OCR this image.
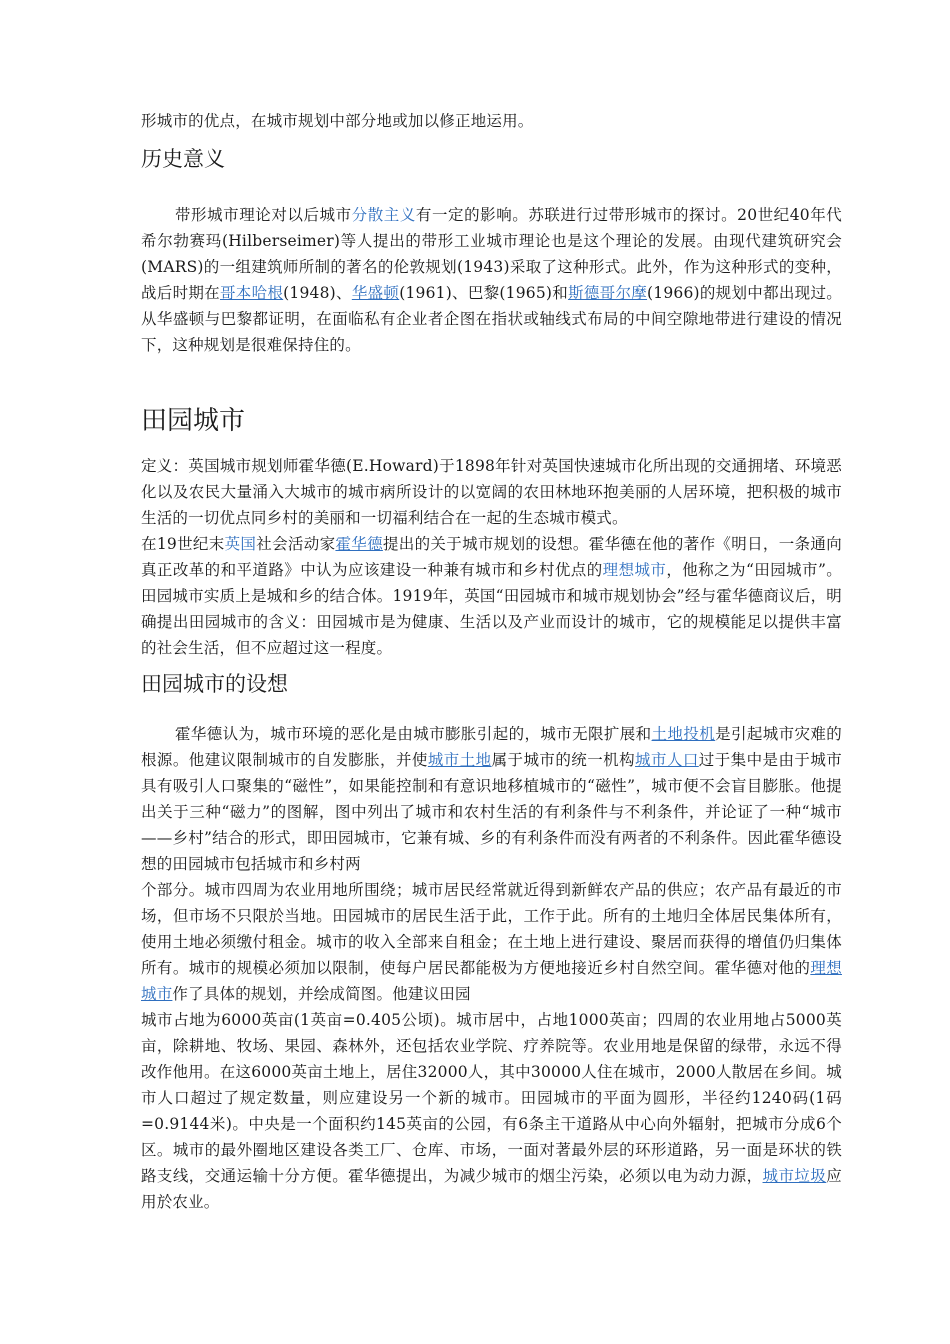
形城市的优点，在城市规划中部分地或加以修正地运用。

历史意义

带形城市理论对以后城市分散主义有一定的影响。苏联进行过带形城市的探讨。20世纪40年代希尔勃赛玛(Hilberseimer)等人提出的带形工业城市理论也是这个理论的发展。由现代建筑研究会(MARS)的一组建筑师所制的著名的伦敦规划(1943)采取了这种形式。此外，作为这种形式的变种，战后时期在哥本哈根(1948)、华盛顿(1961)、巴黎(1965)和斯德哥尔摩(1966)的规划中都出现过。从华盛顿与巴黎都证明，在面临私有企业者企图在指状或轴线式布局的中间空隙地带进行建设的情况下，这种规划是很难保持住的。

田园城市

定义：英国城市规划师霍华德(E.Howard)于1898年针对英国快速城市化所出现的交通拥堵、环境恶化以及农民大量涌入大城市的城市病所设计的以宽阔的农田林地环抱美丽的人居环境，把积极的城市生活的一切优点同乡村的美丽和一切福利结合在一起的生态城市模式。

在19世纪末英国社会活动家霍华德提出的关于城市规划的设想。霍华德在他的著作《明日，一条通向真正改革的和平道路》中认为应该建设一种兼有城市和乡村优点的理想城市，他称之为“田园城市”。田园城市实质上是城和乡的结合体。1919年，英国“田园城市和城市规划协会”经与霍华德商议后，明确提出田园城市的含义：田园城市是为健康、生活以及产业而设计的城市，它的规模能足以提供丰富的社会生活，但不应超过这一程度。

田园城市的设想

霍华德认为，城市环境的恶化是由城市膨胀引起的，城市无限扩展和土地投机是引起城市灾难的根源。他建议限制城市的自发膨胀，并使城市土地属于城市的统一机构城市人口过于集中是由于城市具有吸引人口聚集的“磁性”，如果能控制和有意识地移植城市的“磁性”，城市便不会盲目膨胀。他提出关于三种“磁力”的图解，图中列出了城市和农村生活的有利条件与不利条件，并论证了一种“城市——乡村”结合的形式，即田园城市，它兼有城、乡的有利条件而没有两者的不利条件。因此霍华德设想的田园城市包括城市和乡村两

个部分。城市四周为农业用地所围绕；城市居民经常就近得到新鲜农产品的供应；农产品有最近的市场，但市场不只限於当地。田园城市的居民生活于此，工作于此。所有的土地归全体居民集体所有，使用土地必须缴付租金。城市的收入全部来自租金；在土地上进行建设、聚居而获得的增值仍归集体所有。城市的规模必须加以限制，使每户居民都能极为方便地接近乡村自然空间。霍华德对他的理想城市作了具体的规划，并绘成简图。他建议田园

城市占地为6000英亩(1英亩=0.405公顷)。城市居中，占地1000英亩；四周的农业用地占5000英亩，除耕地、牧场、果园、森林外，还包括农业学院、疗养院等。农业用地是保留的绿带，永远不得改作他用。在这6000英亩土地上，居住32000人，其中30000人住在城市，2000人散居在乡间。城市人口超过了规定数量，则应建设另一个新的城市。田园城市的平面为圆形，半径约1240码(1码=0.9144米)。中央是一个面积约145英亩的公园，有6条主干道路从中心向外辐射，把城市分成6个区。城市的最外圈地区建设各类工厂、仓库、市场，一面对著最外层的环形道路，另一面是环状的铁路支线，交通运输十分方便。霍华德提出，为减少城市的烟尘污染，必须以电为动力源，城市垃圾应用於农业。
